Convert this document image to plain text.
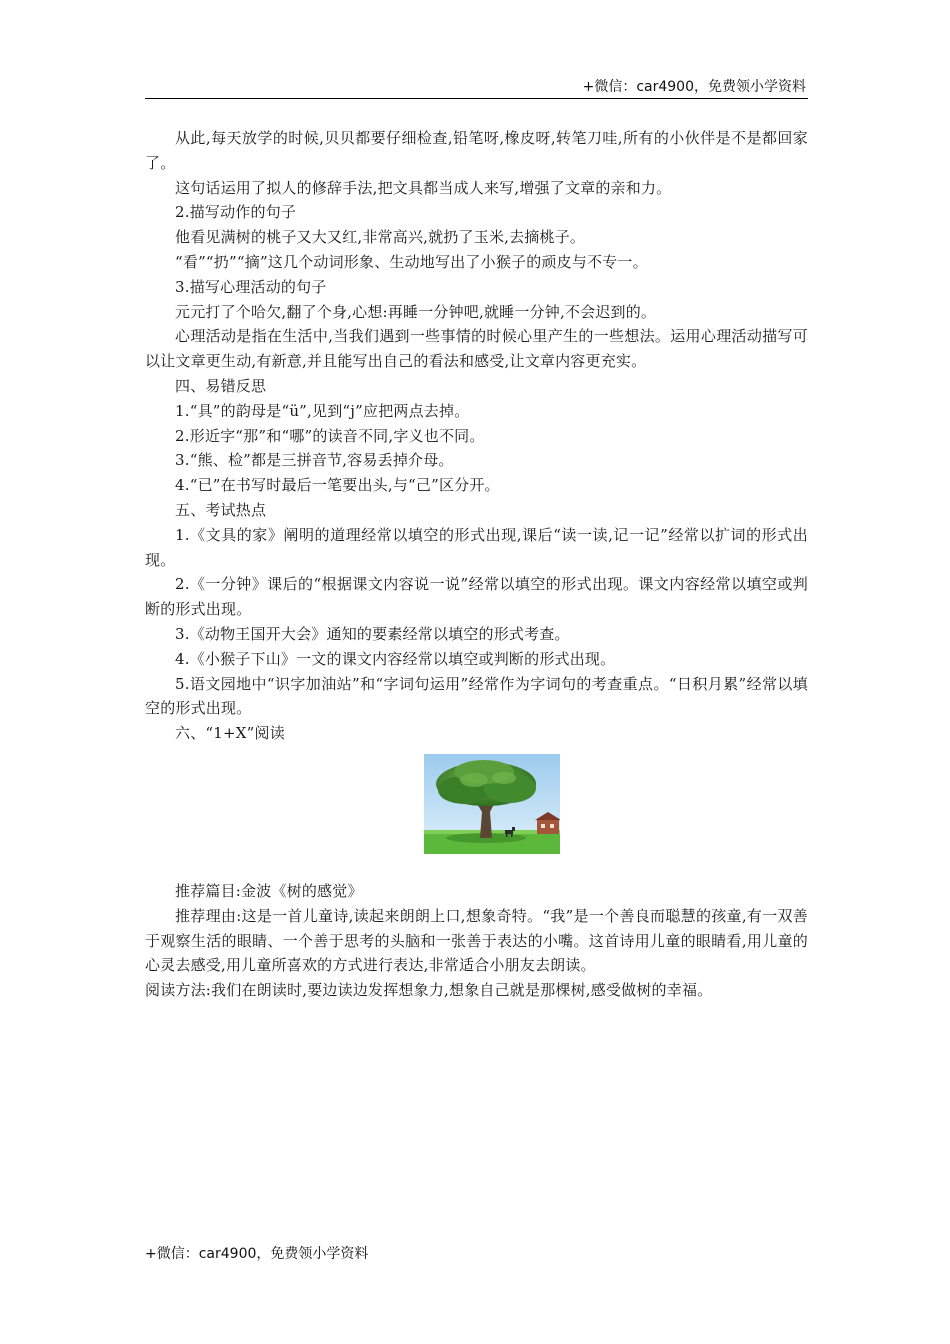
+微信：car4900，免费领小学资料

从此,每天放学的时候,贝贝都要仔细检查,铅笔呀,橡皮呀,转笔刀哇,所有的小伙伴是不是都回家了。

这句话运用了拟人的修辞手法,把文具都当成人来写,增强了文章的亲和力。

2.描写动作的句子

他看见满树的桃子又大又红,非常高兴,就扔了玉米,去摘桃子。

“看”“扔”“摘”这几个动词形象、生动地写出了小猴子的顽皮与不专一。

3.描写心理活动的句子

元元打了个哈欠,翻了个身,心想:再睡一分钟吧,就睡一分钟,不会迟到的。

心理活动是指在生活中,当我们遇到一些事情的时候心里产生的一些想法。运用心理活动描写可以让文章更生动,有新意,并且能写出自己的看法和感受,让文章内容更充实。

四、易错反思

1.“具”的韵母是“ü”,见到“j”应把两点去掉。

2.形近字“那”和“哪”的读音不同,字义也不同。

3.“熊、检”都是三拼音节,容易丢掉介母。

4.“已”在书写时最后一笔要出头,与“己”区分开。

五、考试热点

1.《文具的家》阐明的道理经常以填空的形式出现,课后“读一读,记一记”经常以扩词的形式出现。

2.《一分钟》课后的“根据课文内容说一说”经常以填空的形式出现。课文内容经常以填空或判断的形式出现。

3.《动物王国开大会》通知的要素经常以填空的形式考查。

4.《小猴子下山》一文的课文内容经常以填空或判断的形式出现。

5.语文园地中“识字加油站”和“字词句运用”经常作为字词句的考查重点。“日积月累”经常以填空的形式出现。

六、“1+X”阅读

推荐篇目:金波《树的感觉》

推荐理由:这是一首儿童诗,读起来朗朗上口,想象奇特。“我”是一个善良而聪慧的孩童,有一双善于观察生活的眼睛、一个善于思考的头脑和一张善于表达的小嘴。这首诗用儿童的眼睛看,用儿童的心灵去感受,用儿童所喜欢的方式进行表达,非常适合小朋友去朗读。

阅读方法:我们在朗读时,要边读边发挥想象力,想象自己就是那棵树,感受做树的幸福。

+微信：car4900，免费领小学资料
